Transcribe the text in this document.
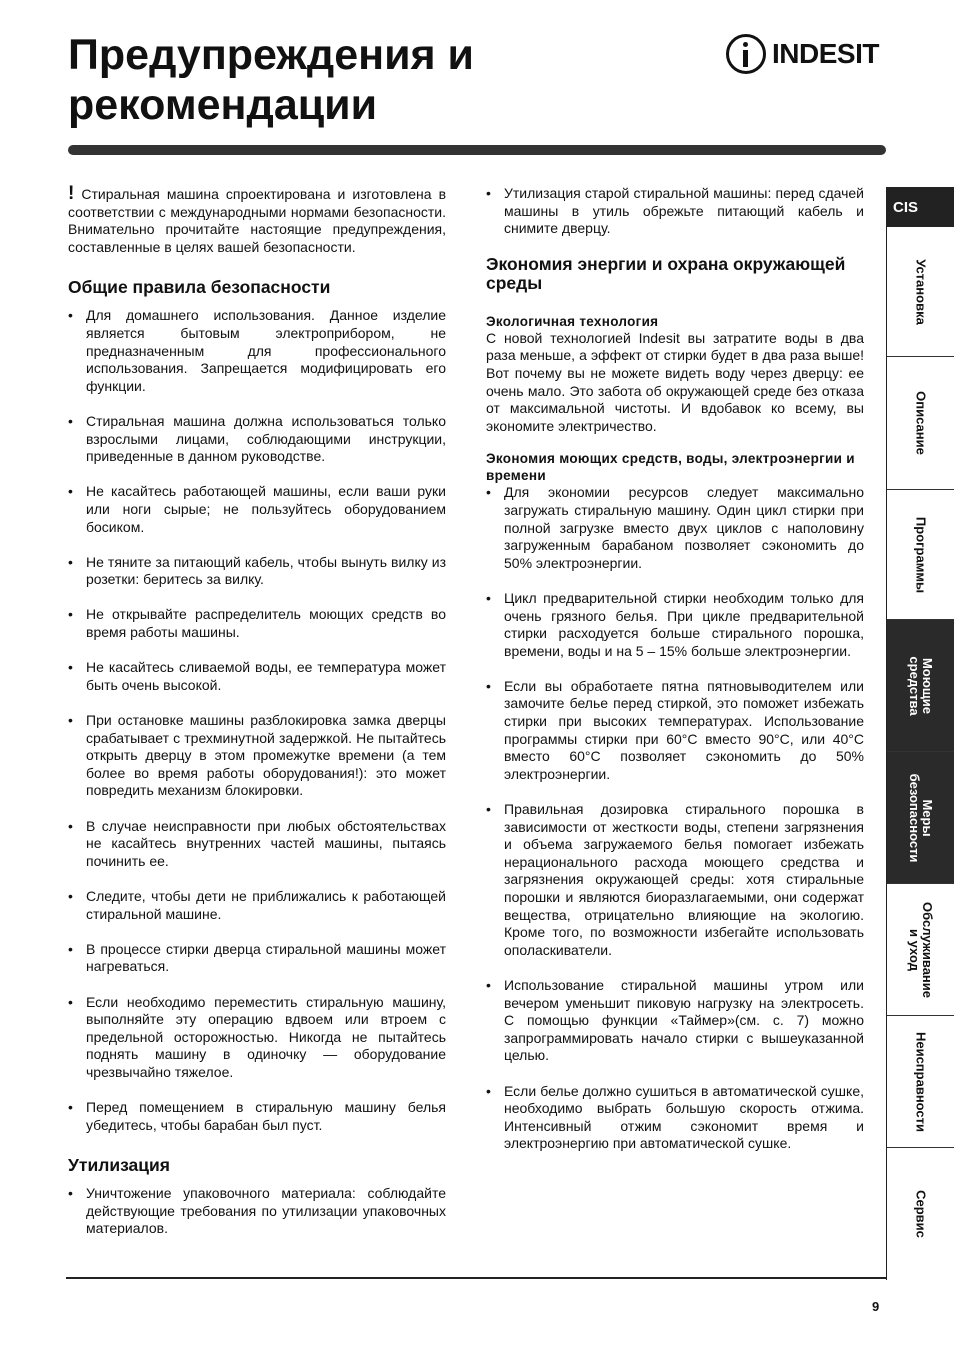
Предупреждения и рекомендации
INDESIT

! Стиральная машина спроектирована и изготовлена в соответствии с международными нормами безопасности. Внимательно прочитайте настоящие предупреждения, составленные в целях вашей безопасности.

Общие правила безопасности
• Для домашнего использования. Данное изделие является бытовым электроприбором, не предназначенным для профессионального использования. Запрещается модифицировать его функции.
• Стиральная машина должна использоваться только взрослыми лицами, соблюдающими инструкции, приведенные в данном руководстве.
• Не касайтесь работающей машины, если ваши руки или ноги сырые; не пользуйтесь оборудованием босиком.
• Не тяните за питающий кабель, чтобы вынуть вилку из розетки: беритесь за вилку.
• Не открывайте распределитель моющих средств во время работы машины.
• Не касайтесь сливаемой воды, ее температура может быть очень высокой.
• При остановке машины разблокировка замка дверцы срабатывает с трехминутной задержкой. Не пытайтесь открыть дверцу в этом промежутке времени (а тем более во время работы оборудования!): это может повредить механизм блокировки.
• В случае неисправности при любых обстоятельствах не касайтесь внутренних частей машины, пытаясь починить ее.
• Следите, чтобы дети не приближались к работающей стиральной машине.
• В процессе стирки дверца стиральной машины может нагреваться.
• Если необходимо переместить стиральную машину, выполняйте эту операцию вдвоем или втроем с предельной осторожностью. Никогда не пытайтесь поднять машину в одиночку — оборудование чрезвычайно тяжелое.
• Перед помещением в стиральную машину белья убедитесь, чтобы барабан был пуст.
Утилизация
• Уничтожение упаковочного материала: соблюдайте действующие требования по утилизации упаковочных материалов.
• Утилизация старой стиральной машины: перед сдачей машины в утиль обрежьте питающий кабель и снимите дверцу.
Экономия энергии и охрана окружающей среды
Экологичная технология

С новой технологией Indesit вы затратите воды в два раза меньше, а эффект от стирки будет в два раза выше! Вот почему вы не можете видеть воду через дверцу: ее очень мало. Это забота об окружающей среде без отказа от максимальной чистоты. И вдобавок ко всему, вы экономите электричество.

Экономия моющих средств, воды, электроэнергии и времени
• Для экономии ресурсов следует максимально загружать стиральную машину. Один цикл стирки при полной загрузке вместо двух циклов с наполовину загруженным барабаном позволяет сэкономить до 50% электроэнергии.
• Цикл предварительной стирки необходим только для очень грязного белья. При цикле предварительной стирки расходуется больше стирального порошка, времени, воды и на 5 – 15% больше электроэнергии.
• Если вы обработаете пятна пятновыводителем или замочите белье перед стиркой, это поможет избежать стирки при высоких температурах. Использование программы стирки при 60°C вместо 90°C, или 40°C вместо 60°C позволяет сэкономить до 50% электроэнергии.
• Правильная дозировка стирального порошка в зависимости от жесткости воды, степени загрязнения и объема загружаемого белья помогает избежать нерационального расхода моющего средства и загрязнения окружающей среды: хотя стиральные порошки и являются биоразлагаемыми, они содержат вещества, отрицательно влияющие на экологию. Кроме того, по возможности избегайте использовать ополаскиватели.
• Использование стиральной машины утром или вечером уменьшит пиковую нагрузку на электросеть. С помощью функции «Таймер»(см. с. 7) можно запрограммировать начало стирки с вышеуказанной целью.
• Если белье должно сушиться в автоматической сушке, необходимо выбрать большую скорость отжима. Интенсивный отжим сэкономит время и электроэнергию при автоматической сушке.
CIS
Установка
Описание
Программы
Моющие
средства
Меры
безопасности
Обслуживание
и уход
Неисправности
Сервис
9
